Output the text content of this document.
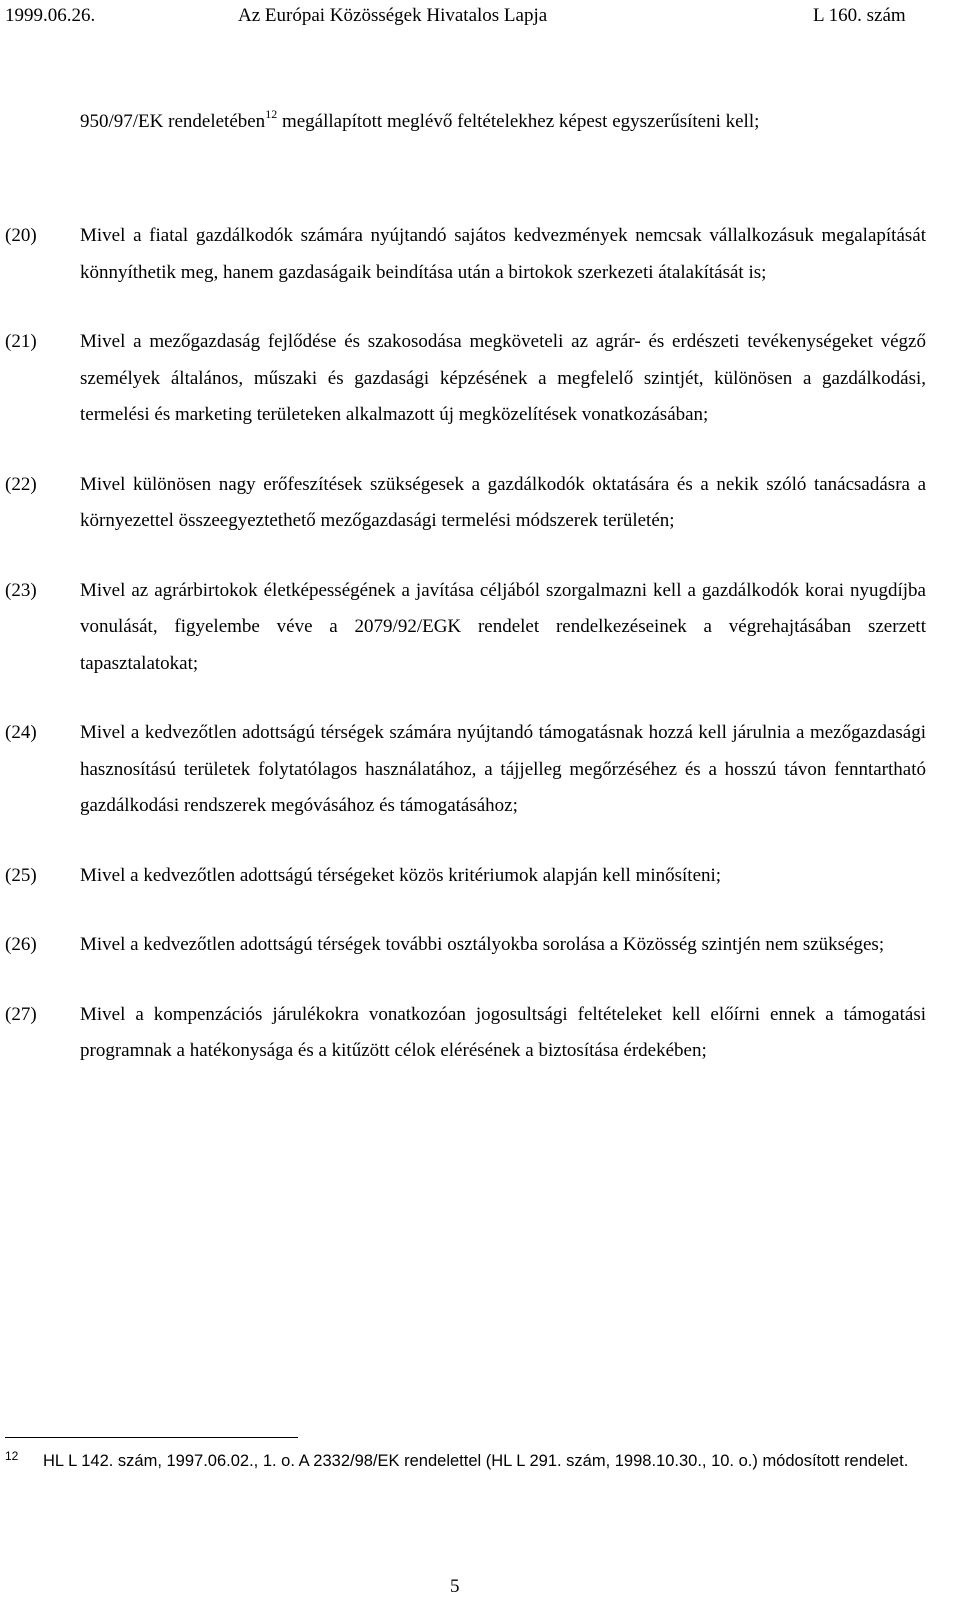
1999.06.26.	Az Európai Közösségek Hivatalos Lapja	L 160. szám
950/97/EK rendeletében$^{12}$ megállapított meglévő feltételekhez képest egyszerűsíteni kell;
(20)	Mivel a fiatal gazdálkodók számára nyújtandó sajátos kedvezmények nemcsak vállalkozásuk megalapítását könnyíthetik meg, hanem gazdaságaik beindítása után a birtokok szerkezeti átalakítását is;
(21)	Mivel a mezőgazdaság fejlődése és szakosodása megköveteli az agrár- és erdészeti tevékenységeket végző személyek általános, műszaki és gazdasági képzésének a megfelelő szintjét, különösen a gazdálkodási, termelési és marketing területeken alkalmazott új megközelítések vonatkozásában;
(22)	Mivel különösen nagy erőfeszítések szükségesek a gazdálkodók oktatására és a nekik szóló tanácsadásra a környezettel összeegyeztethető mezőgazdasági termelési módszerek területén;
(23)	Mivel az agrárbirtokok életképességének a javítása céljából szorgalmazni kell a gazdálkodók korai nyugdíjba vonulását, figyelembe véve a 2079/92/EGK rendelet rendelkezéseinek a végrehajtásában szerzett tapasztalatokat;
(24)	Mivel a kedvezőtlen adottságú térségek számára nyújtandó támogatásnak hozzá kell járulnia a mezőgazdasági hasznosítású területek folytatólagos használatához, a tájjelleg megőrzéséhez és a hosszú távon fenntartható gazdálkodási rendszerek megóvásához és támogatásához;
(25)	Mivel a kedvezőtlen adottságú térségeket közös kritériumok alapján kell minősíteni;
(26)	Mivel a kedvezőtlen adottságú térségek további osztályokba sorolása a Közösség szintjén nem szükséges;
(27)	Mivel a kompenzációs járulékokra vonatkozóan jogosultsági feltételeket kell előírni ennek a támogatási programnak a hatékonysága és a kitűzött célok elérésének a biztosítása érdekében;
12	HL L 142. szám, 1997.06.02., 1. o. A 2332/98/EK rendelettel (HL L 291. szám, 1998.10.30., 10. o.) módosított rendelet.
5
